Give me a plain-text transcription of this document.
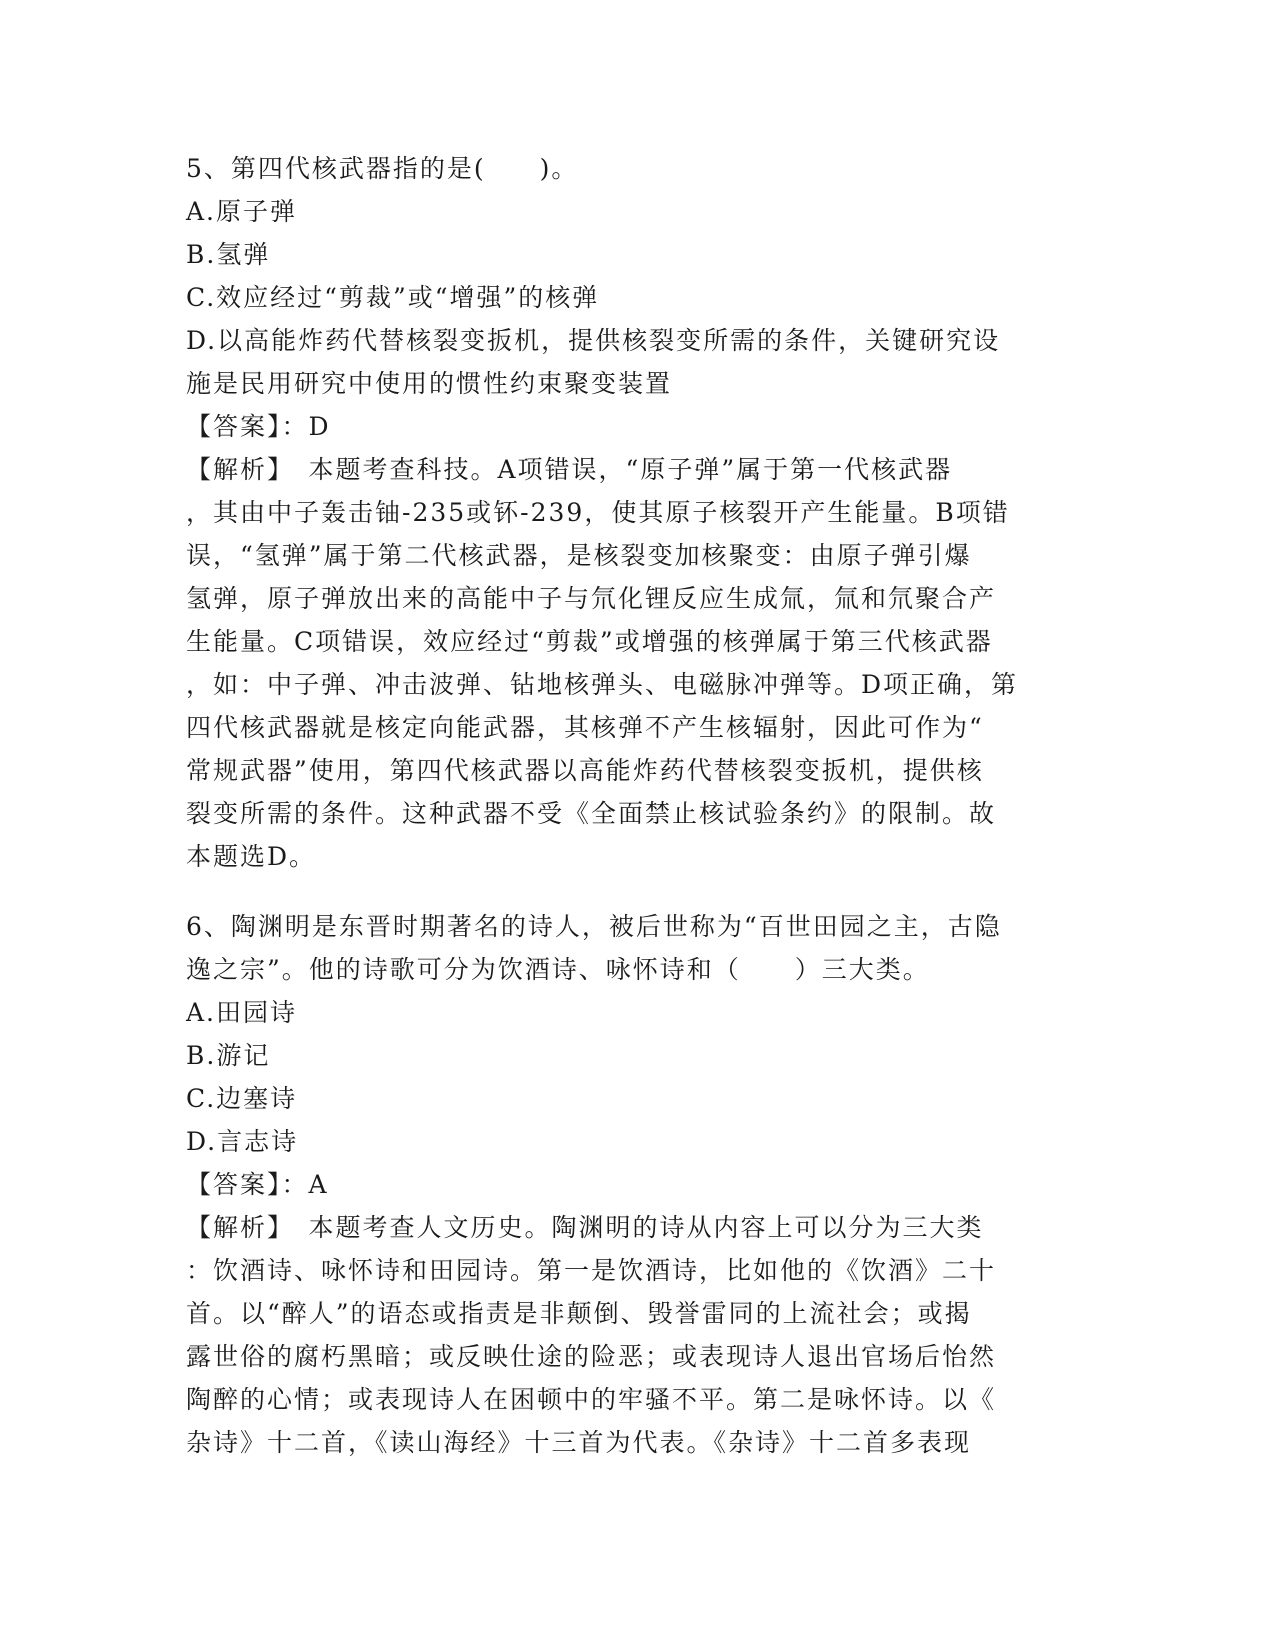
5、第四代核武器指的是(　　)。
A.原子弹
B.氢弹
C.效应经过“剪裁”或“增强”的核弹
D.以高能炸药代替核裂变扳机，提供核裂变所需的条件，关键研究设
施是民用研究中使用的惯性约束聚变装置
【答案】：D
【解析】　本题考查科技。A项错误，“原子弹”属于第一代核武器
，其由中子轰击铀-235或钚-239，使其原子核裂开产生能量。B项错
误，“氢弹”属于第二代核武器，是核裂变加核聚变：由原子弹引爆
氢弹，原子弹放出来的高能中子与氘化锂反应生成氚，氚和氘聚合产
生能量。C项错误，效应经过“剪裁”或增强的核弹属于第三代核武器
，如：中子弹、冲击波弹、钻地核弹头、电磁脉冲弹等。D项正确，第
四代核武器就是核定向能武器，其核弹不产生核辐射，因此可作为“
常规武器”使用，第四代核武器以高能炸药代替核裂变扳机，提供核
裂变所需的条件。这种武器不受《全面禁止核试验条约》的限制。故
本题选D。
6、陶渊明是东晋时期著名的诗人，被后世称为“百世田园之主，古隐
逸之宗”。他的诗歌可分为饮酒诗、咏怀诗和（　　）三大类。
A.田园诗
B.游记
C.边塞诗
D.言志诗
【答案】：A
【解析】　本题考查人文历史。陶渊明的诗从内容上可以分为三大类
：饮酒诗、咏怀诗和田园诗。第一是饮酒诗，比如他的《饮酒》二十
首。以“醉人”的语态或指责是非颠倒、毁誉雷同的上流社会；或揭
露世俗的腐朽黑暗；或反映仕途的险恶；或表现诗人退出官场后怡然
陶醉的心情；或表现诗人在困顿中的牢骚不平。第二是咏怀诗。以《
杂诗》十二首，《读山海经》十三首为代表。《杂诗》十二首多表现
